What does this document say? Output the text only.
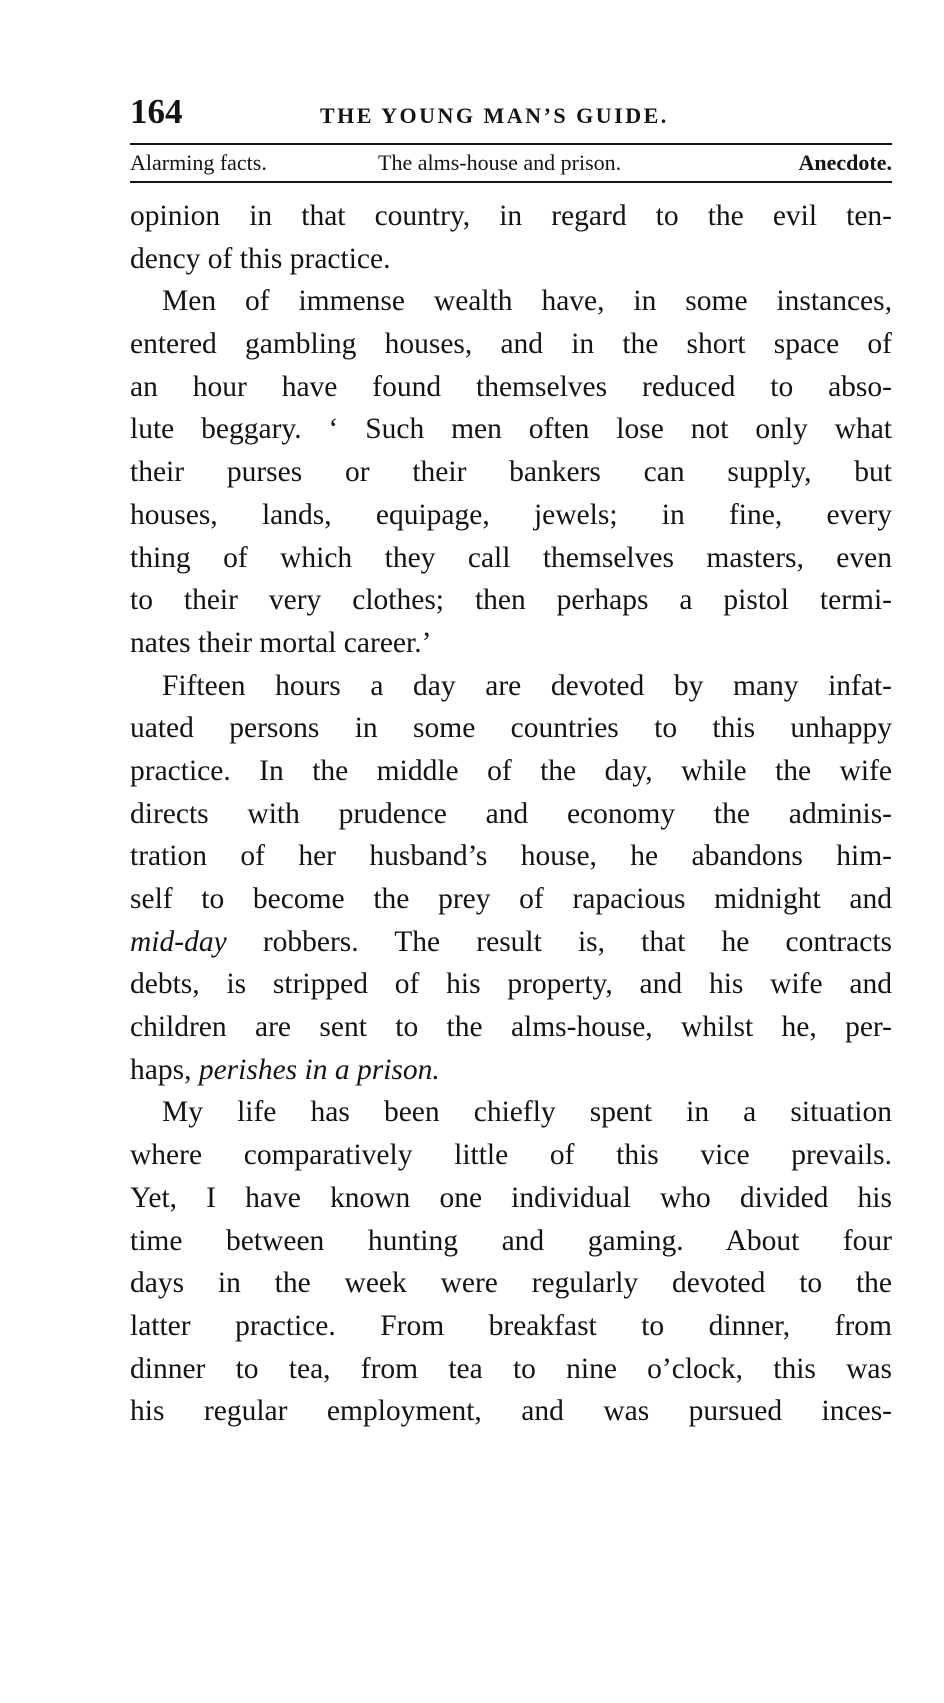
164	THE YOUNG MAN’S GUIDE.
Alarming facts.	The alms-house and prison.	Anecdote.
opinion in that country, in regard to the evil ten-
dency of this practice.
Men of immense wealth have, in some instances,
entered gambling houses, and in the short space of
an hour have found themselves reduced to abso-
lute beggary. ‘ Such men often lose not only what
their purses or their bankers can supply, but
houses, lands, equipage, jewels; in fine, every
thing of which they call themselves masters, even
to their very clothes; then perhaps a pistol termi-
nates their mortal career.’
Fifteen hours a day are devoted by many infat-
uated persons in some countries to this unhappy
practice. In the middle of the day, while the wife
directs with prudence and economy the adminis-
tration of her husband’s house, he abandons him-
self to become the prey of rapacious midnight and
mid-day robbers. The result is, that he contracts
debts, is stripped of his property, and his wife and
children are sent to the alms-house, whilst he, per-
haps, perishes in a prison.
My life has been chiefly spent in a situation
where comparatively little of this vice prevails.
Yet, I have known one individual who divided his
time between hunting and gaming. About four
days in the week were regularly devoted to the
latter practice. From breakfast to dinner, from
dinner to tea, from tea to nine o’clock, this was
his regular employment, and was pursued inces-
